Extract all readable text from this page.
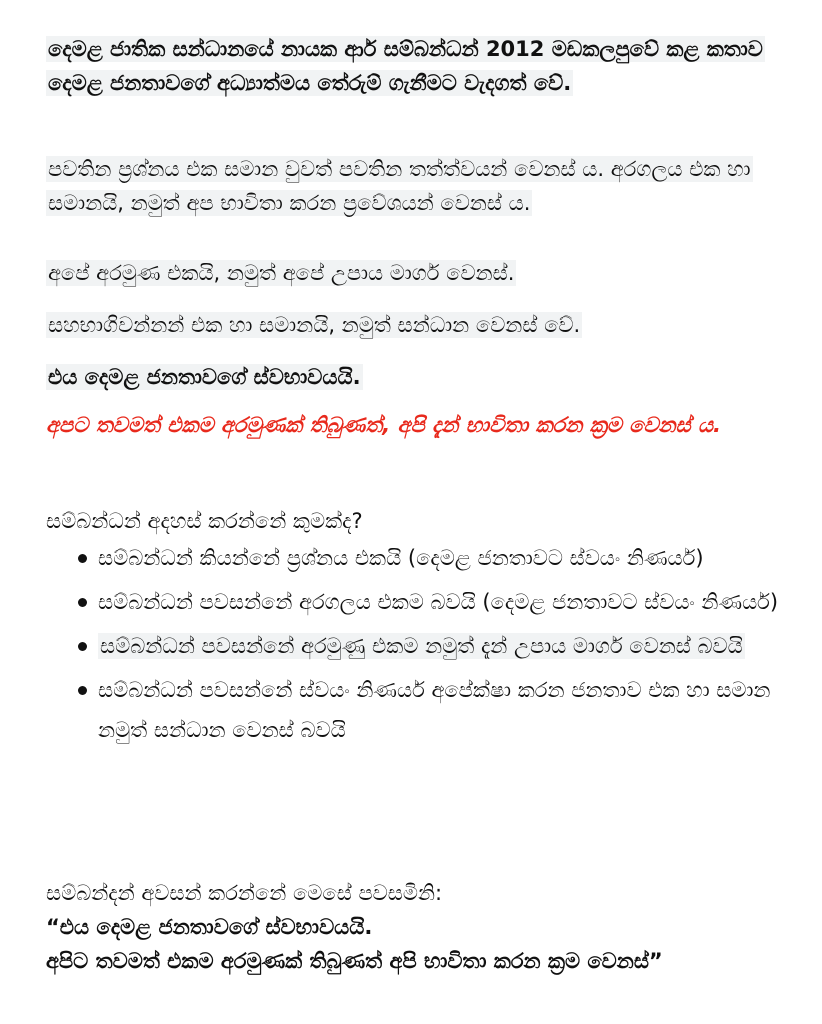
දෙමළ ජාතික සන්ධානයේ නායක ආර් සම්බන්ධන් 2012 මඩකලපුවේ කළ කතාව දෙමළ ජනතාවගේ අධ්‍යාත්මය තේරුම් ගැනීමට වැදගත් වේ.

පවතින ප්‍රශ්නය එක සමාන වුවත් පවතින තත්ත්වයන් වෙනස් ය. අරගලය එක හා සමානයි, නමුත් අප භාවිතා කරන ප්‍රවේශයන් වෙනස් ය.

අපේ අරමුණ එකයි, නමුත් අපේ උපාය මාගර් වෙනස්.

සහභාගිවන්නන් එක හා සමානයි, නමුත් සන්ධාන වෙනස් වේ.

එය දෙමළ ජනතාවගේ ස්වභාවයයි.

අපට තවමත් එකම අරමුණක් තිබුණත්, අපි දැන් භාවිතා කරන ක්‍රම වෙනස් ය.

සම්බන්ධන් අදහස් කරන්නේ කුමක්ද?

සම්බන්ධන් කියන්නේ ප්‍රශ්නය එකයි (දෙමළ ජනතාවට ස්වයං නිණර්ය)
සම්බන්ධන් පවසන්නේ අරගලය එකම බවයි (දෙමළ ජනතාවට ස්වයං නිණර්ය)
සම්බන්ධන් පවසන්නේ අරමුණු එකම නමුත් දැන් උපාය මාගර් වෙනස් බවයි
සම්බන්ධන් පවසන්නේ ස්වයං නිණර්ය අපේක්ෂා කරන ජනතාව එක හා සමාන නමුත් සන්ධාන වෙනස් බවයි
සම්බන්දන් අවසන් කරන්නේ මෙසේ පවසමිනි:
“එය දෙමළ ජනතාවගේ ස්වභාවයයි.
අපිට තවමත් එකම අරමුණක් තිබුණත් අපි භාවිතා කරන ක්‍රම වෙනස්”
